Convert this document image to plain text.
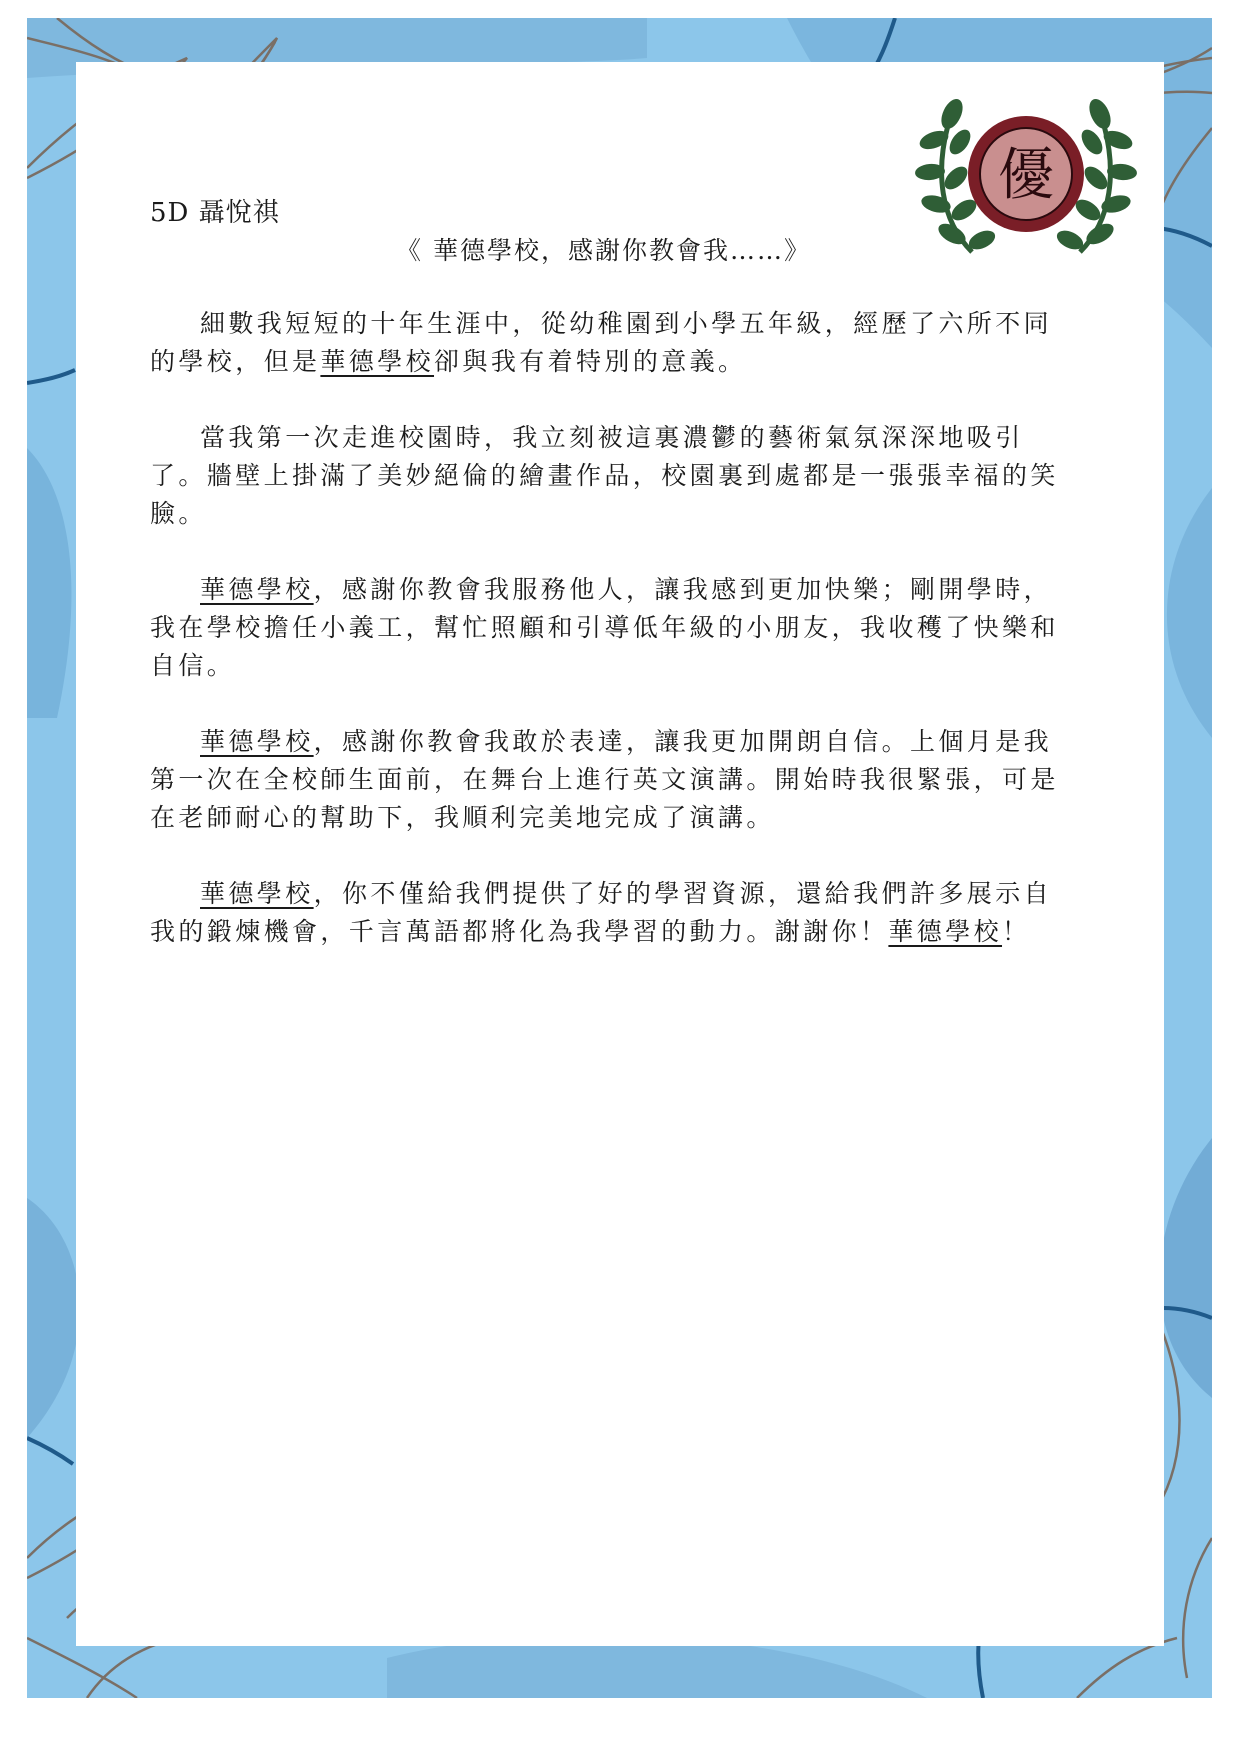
優
5D 聶悅祺
《 華德學校，感謝你教會我……》

細數我短短的十年生涯中，從幼稚園到小學五年級，經歷了六所不同的學校，但是華德學校卻與我有着特別的意義。

當我第一次走進校園時，我立刻被這裏濃鬱的藝術氣氛深深地吸引了。牆壁上掛滿了美妙絕倫的繪畫作品，校園裏到處都是一張張幸福的笑臉。

華德學校，感謝你教會我服務他人，讓我感到更加快樂；剛開學時，我在學校擔任小義工，幫忙照顧和引導低年級的小朋友，我收穫了快樂和自信。

華德學校，感謝你教會我敢於表達，讓我更加開朗自信。上個月是我第一次在全校師生面前，在舞台上進行英文演講。開始時我很緊張，可是在老師耐心的幫助下，我順利完美地完成了演講。

華德學校，你不僅給我們提供了好的學習資源，還給我們許多展示自我的鍛煉機會，千言萬語都將化為我學習的動力。謝謝你！華德學校！
